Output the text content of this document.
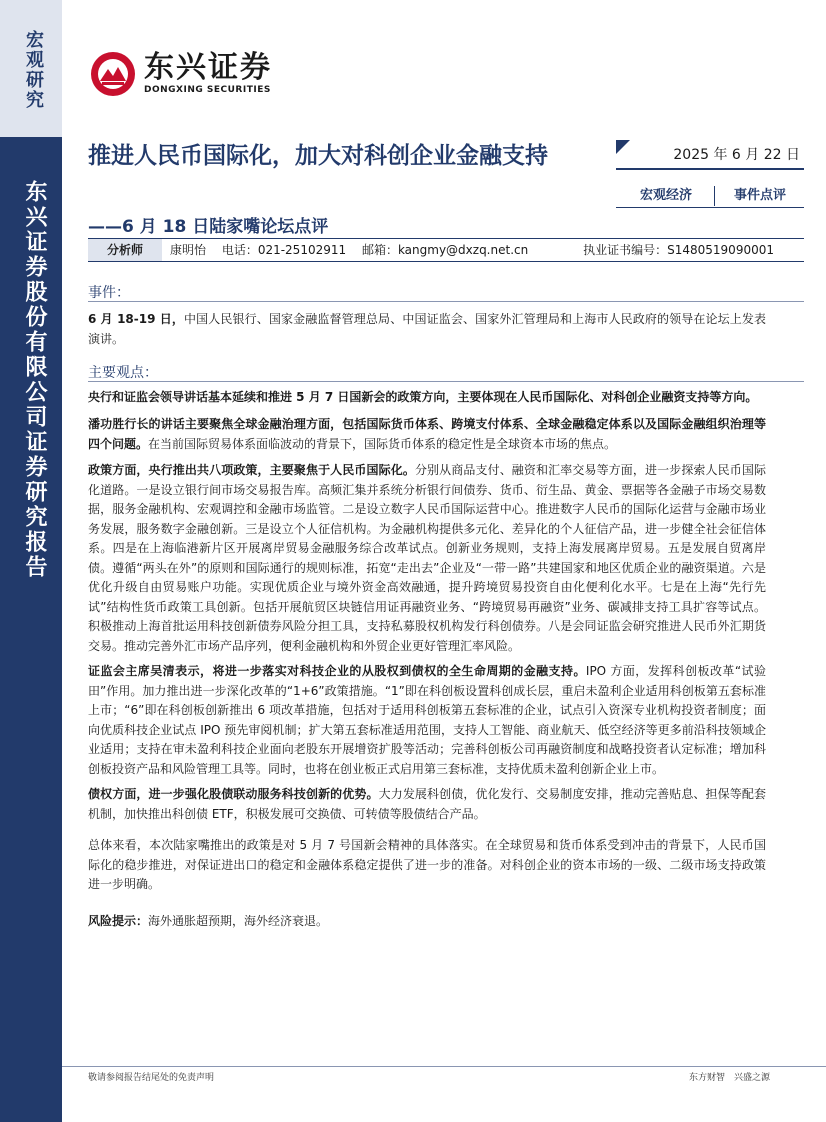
宏观研究
东兴证券股份有限公司证券研究报告
东兴证券
DONGXING SECURITIES
推进人民币国际化，加大对科创企业金融支持
——6 月 18 日陆家嘴论坛点评
2025 年 6 月 22 日
宏观经济	事件点评
分析师	康明怡　 电话：021-25102911　 邮箱：kangmy@dxzq.net.cn	执业证书编号：S1480519090001
事件：
6 月 18-19 日，中国人民银行、国家金融监督管理总局、中国证监会、国家外汇管理局和上海市人民政府的领导在论坛上发表演讲。
主要观点：
央行和证监会领导讲话基本延续和推进 5 月 7 日国新会的政策方向，主要体现在人民币国际化、对科创企业融资支持等方向。
潘功胜行长的讲话主要聚焦全球金融治理方面，包括国际货币体系、跨境支付体系、全球金融稳定体系以及国际金融组织治理等四个问题。在当前国际贸易体系面临波动的背景下，国际货币体系的稳定性是全球资本市场的焦点。
政策方面，央行推出共八项政策，主要聚焦于人民币国际化。分别从商品支付、融资和汇率交易等方面，进一步探索人民币国际化道路。一是设立银行间市场交易报告库。高频汇集并系统分析银行间债券、货币、衍生品、黄金、票据等各金融子市场交易数据，服务金融机构、宏观调控和金融市场监管。二是设立数字人民币国际运营中心。推进数字人民币的国际化运营与金融市场业务发展，服务数字金融创新。三是设立个人征信机构。为金融机构提供多元化、差异化的个人征信产品，进一步健全社会征信体系。四是在上海临港新片区开展离岸贸易金融服务综合改革试点。创新业务规则，支持上海发展离岸贸易。五是发展自贸离岸债。遵循“两头在外”的原则和国际通行的规则标准，拓宽“走出去”企业及“一带一路”共建国家和地区优质企业的融资渠道。六是优化升级自由贸易账户功能。实现优质企业与境外资金高效融通，提升跨境贸易投资自由化便利化水平。七是在上海“先行先试”结构性货币政策工具创新。包括开展航贸区块链信用证再融资业务、“跨境贸易再融资”业务、碳减排支持工具扩容等试点。积极推动上海首批运用科技创新债券风险分担工具，支持私募股权机构发行科创债券。八是会同证监会研究推进人民币外汇期货交易。推动完善外汇市场产品序列，便利金融机构和外贸企业更好管理汇率风险。
证监会主席吴清表示，将进一步落实对科技企业的从股权到债权的全生命周期的金融支持。IPO 方面，发挥科创板改革“试验田”作用。加力推出进一步深化改革的“1+6”政策措施。“1”即在科创板设置科创成长层，重启未盈利企业适用科创板第五套标准上市；“6”即在科创板创新推出 6 项改革措施，包括对于适用科创板第五套标准的企业，试点引入资深专业机构投资者制度；面向优质科技企业试点 IPO 预先审阅机制；扩大第五套标准适用范围，支持人工智能、商业航天、低空经济等更多前沿科技领域企业适用；支持在审未盈利科技企业面向老股东开展增资扩股等活动；完善科创板公司再融资制度和战略投资者认定标准；增加科创板投资产品和风险管理工具等。同时，也将在创业板正式启用第三套标准，支持优质未盈利创新企业上市。
债权方面，进一步强化股债联动服务科技创新的优势。大力发展科创债，优化发行、交易制度安排，推动完善贴息、担保等配套机制，加快推出科创债 ETF，积极发展可交换债、可转债等股债结合产品。
总体来看，本次陆家嘴推出的政策是对 5 月 7 号国新会精神的具体落实。在全球贸易和货币体系受到冲击的背景下，人民币国际化的稳步推进，对保证进出口的稳定和金融体系稳定提供了进一步的准备。对科创企业的资本市场的一级、二级市场支持政策进一步明确。
风险提示：海外通胀超预期，海外经济衰退。
敬请参阅报告结尾处的免责声明	东方财智　兴盛之源
